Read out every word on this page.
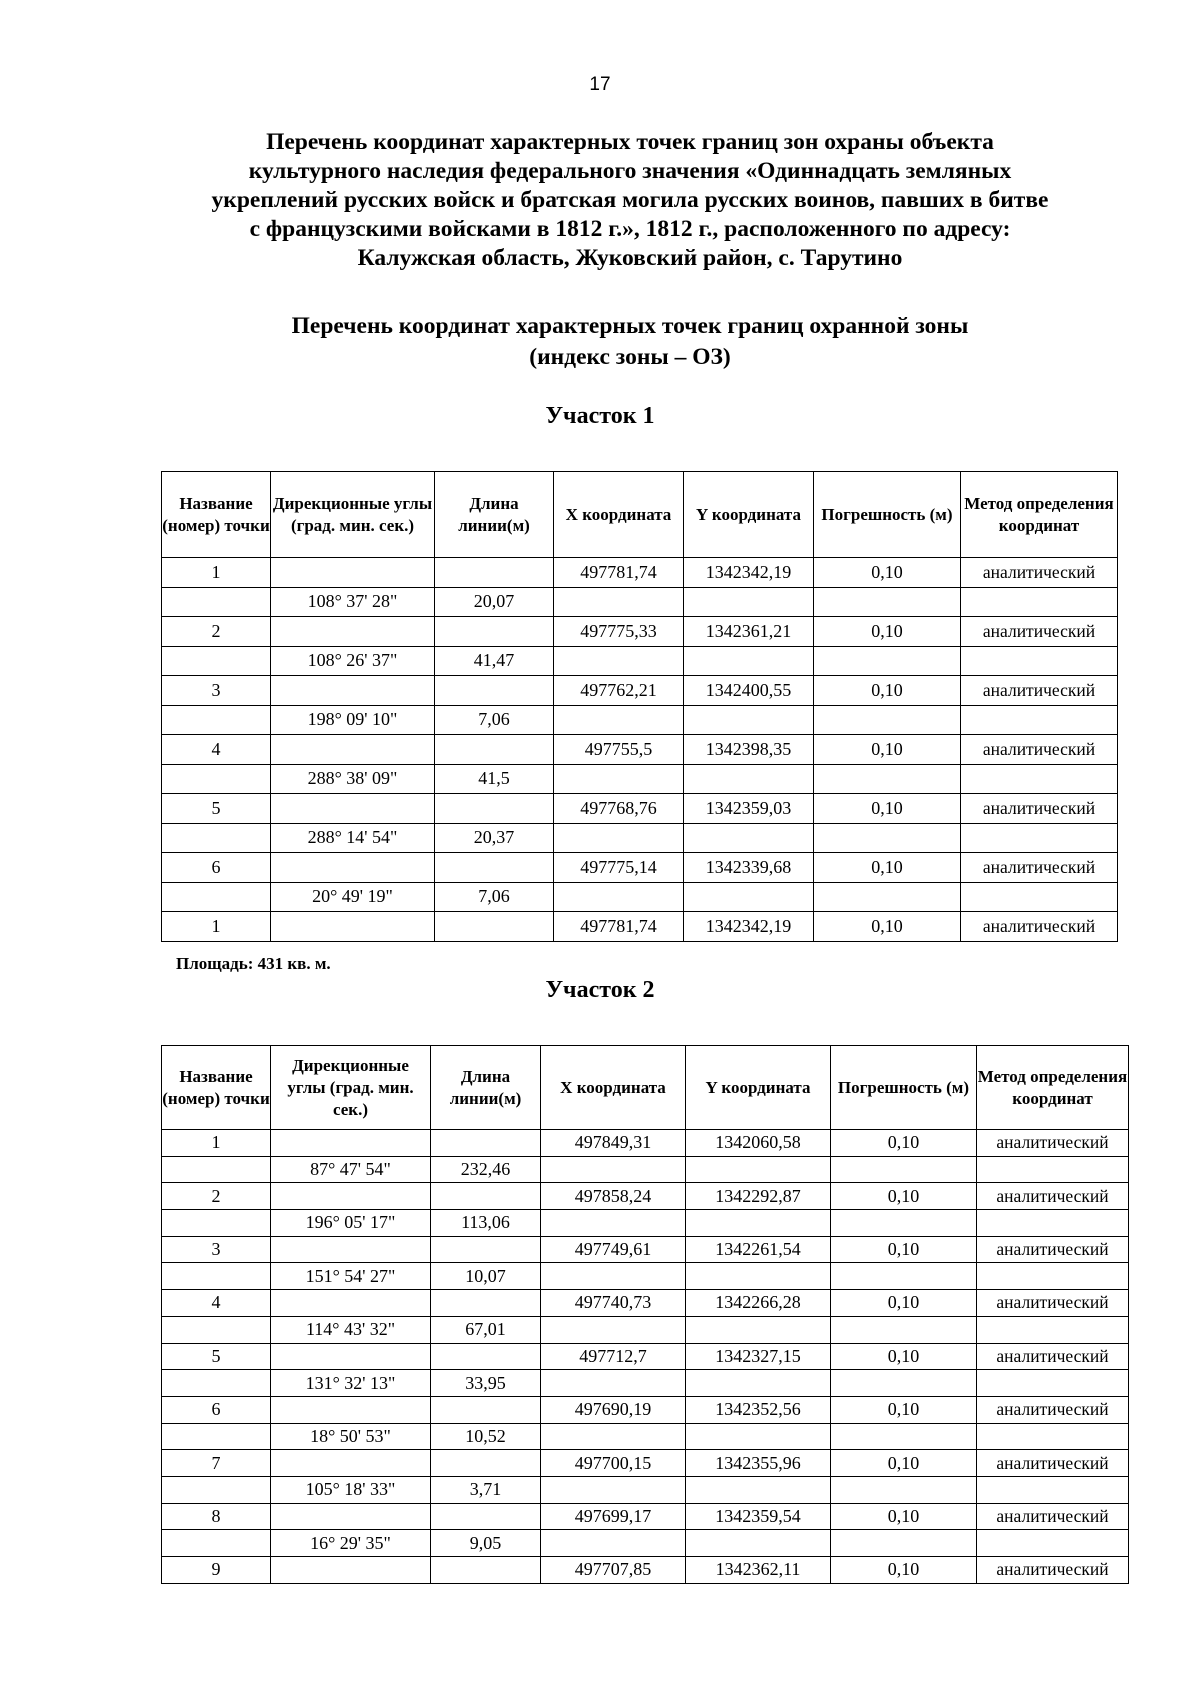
17
Перечень координат характерных точек границ зон охраны объекта
культурного наследия федерального значения «Одиннадцать земляных
укреплений русских войск и братская могила русских воинов, павших в битве
с французскими войсками в 1812 г.», 1812 г., расположенного по адресу:
Калужская область, Жуковский район, с. Тарутино
Перечень координат характерных точек границ охранной зоны
(индекс зоны – ОЗ)
Участок 1
Название (номер) точки	Дирекционные углы (град. мин. сек.)	Длина линии(м)	X координата	Y координата	Погрешность (м)	Метод определения координат
1			497781,74	1342342,19	0,10	аналитический
	108° 37' 28"	20,07				
2			497775,33	1342361,21	0,10	аналитический
	108° 26' 37"	41,47				
3			497762,21	1342400,55	0,10	аналитический
	198° 09' 10"	7,06				
4			497755,5	1342398,35	0,10	аналитический
	288° 38' 09"	41,5				
5			497768,76	1342359,03	0,10	аналитический
	288° 14' 54"	20,37				
6			497775,14	1342339,68	0,10	аналитический
	20° 49' 19"	7,06				
1			497781,74	1342342,19	0,10	аналитический
Площадь: 431 кв. м.
Участок 2
Название (номер) точки	Дирекционные углы (град. мин. сек.)	Длина линии(м)	X координата	Y координата	Погрешность (м)	Метод определения координат
1			497849,31	1342060,58	0,10	аналитический
	87° 47' 54"	232,46				
2			497858,24	1342292,87	0,10	аналитический
	196° 05' 17"	113,06				
3			497749,61	1342261,54	0,10	аналитический
	151° 54' 27"	10,07				
4			497740,73	1342266,28	0,10	аналитический
	114° 43' 32"	67,01				
5			497712,7	1342327,15	0,10	аналитический
	131° 32' 13"	33,95				
6			497690,19	1342352,56	0,10	аналитический
	18° 50' 53"	10,52				
7			497700,15	1342355,96	0,10	аналитический
	105° 18' 33"	3,71				
8			497699,17	1342359,54	0,10	аналитический
	16° 29' 35"	9,05				
9			497707,85	1342362,11	0,10	аналитический
